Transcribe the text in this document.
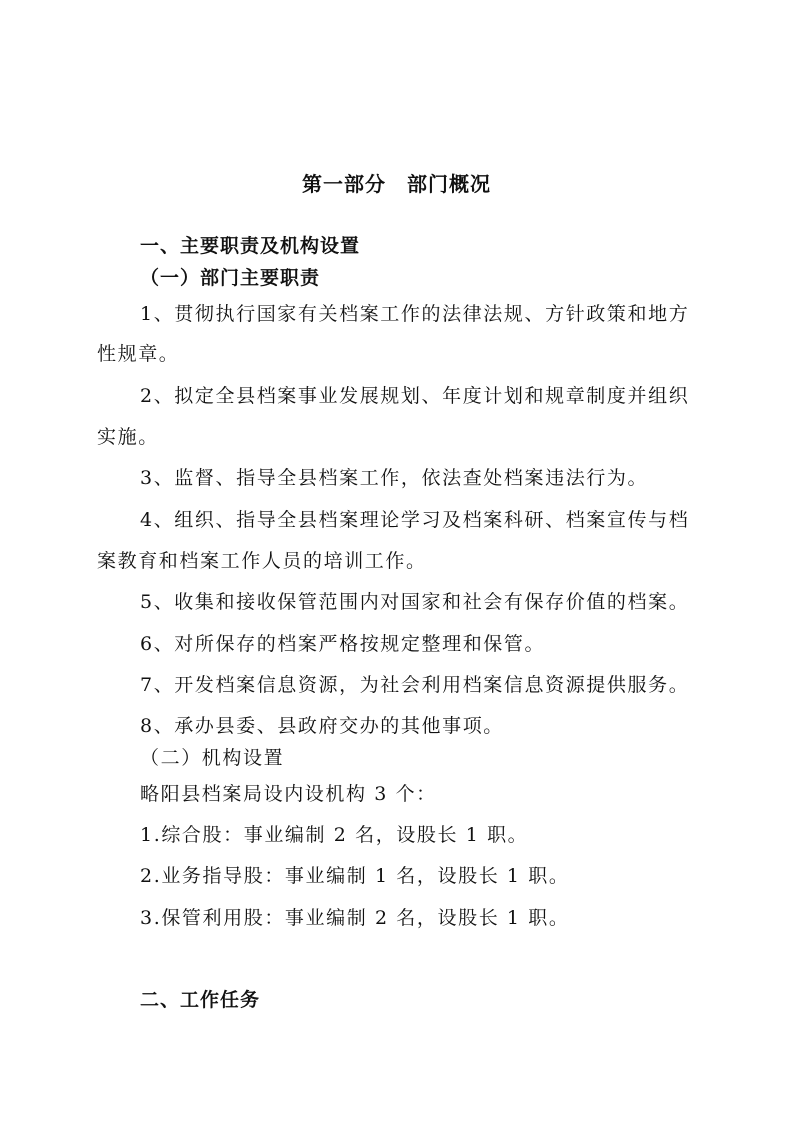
第一部分　部门概况
一、主要职责及机构设置
（一）部门主要职责
1、贯彻执行国家有关档案工作的法律法规、方针政策和地方
性规章。
2、拟定全县档案事业发展规划、年度计划和规章制度并组织
实施。
3、监督、指导全县档案工作，依法查处档案违法行为。
4、组织、指导全县档案理论学习及档案科研、档案宣传与档
案教育和档案工作人员的培训工作。
5、收集和接收保管范围内对国家和社会有保存价值的档案。
6、对所保存的档案严格按规定整理和保管。
7、开发档案信息资源，为社会利用档案信息资源提供服务。
8、承办县委、县政府交办的其他事项。
（二）机构设置
略阳县档案局设内设机构 3 个：
1.综合股：事业编制 2 名，设股长 1 职。
2.业务指导股：事业编制 1 名，设股长 1 职。
3.保管利用股：事业编制 2 名，设股长 1 职。
二、工作任务
